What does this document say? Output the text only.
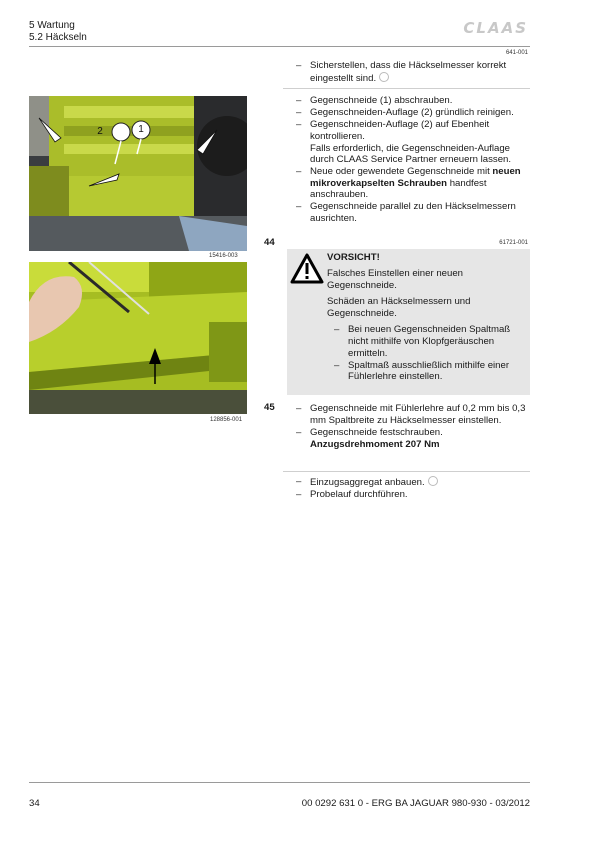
5 Wartung
5.2 Häckseln
CLAAS
641-001
– Sicherstellen, dass die Häckselmesser korrekt eingestellt sind.
2	1
15416-003
– Gegenschneide (1) abschrauben.
– Gegenschneiden-Auflage (2) gründlich reinigen.
– Gegenschneiden-Auflage (2) auf Ebenheit kontrollieren.
Falls erforderlich, die Gegenschneiden-Auflage durch CLAAS Service Partner erneuern lassen.
– Neue oder gewendete Gegenschneide mit neuen mikroverkapselten Schrauben handfest anschrauben.
– Gegenschneide parallel zu den Häckselmessern ausrichten.
44	61721-001
VORSICHT!
Falsches Einstellen einer neuen Gegenschneide.
Schäden an Häckselmessern und Gegenschneide.
– Bei neuen Gegenschneiden Spaltmaß nicht mithilfe von Klopfgeräuschen ermitteln.
– Spaltmaß ausschließlich mithilfe einer Fühlerlehre einstellen.
128856-001
45 – Gegenschneide mit Fühlerlehre auf 0,2 mm bis 0,3 mm Spaltbreite zu Häckselmesser einstellen.
– Gegenschneide festschrauben.
Anzugsdrehmoment 207 Nm
– Einzugsaggregat anbauen.
– Probelauf durchführen.
34	00 0292 631 0 - ERG BA JAGUAR 980-930 - 03/2012
